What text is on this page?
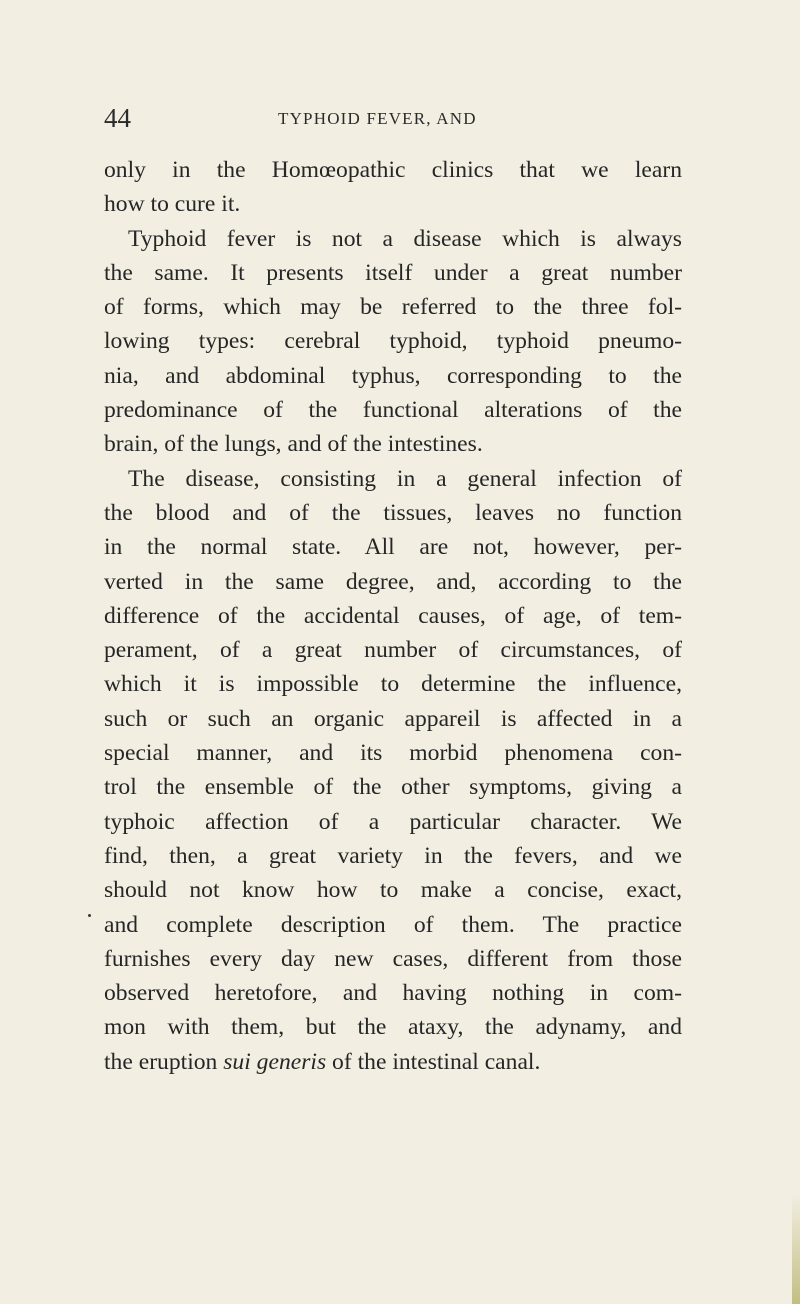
44	TYPHOID FEVER, AND
only in the Homœopathic clinics that we learn
how to cure it.
Typhoid fever is not a disease which is always
the same. It presents itself under a great number
of forms, which may be referred to the three fol-
lowing types: cerebral typhoid, typhoid pneumo-
nia, and abdominal typhus, corresponding to the
predominance of the functional alterations of the
brain, of the lungs, and of the intestines.
The disease, consisting in a general infection of
the blood and of the tissues, leaves no function
in the normal state. All are not, however, per-
verted in the same degree, and, according to the
difference of the accidental causes, of age, of tem-
perament, of a great number of circumstances, of
which it is impossible to determine the influence,
such or such an organic appareil is affected in a
special manner, and its morbid phenomena con-
trol the ensemble of the other symptoms, giving a
typhoic affection of a particular character. We
find, then, a great variety in the fevers, and we
should not know how to make a concise, exact,
and complete description of them. The practice
furnishes every day new cases, different from those
observed heretofore, and having nothing in com-
mon with them, but the ataxy, the adynamy, and
the eruption sui generis of the intestinal canal.
